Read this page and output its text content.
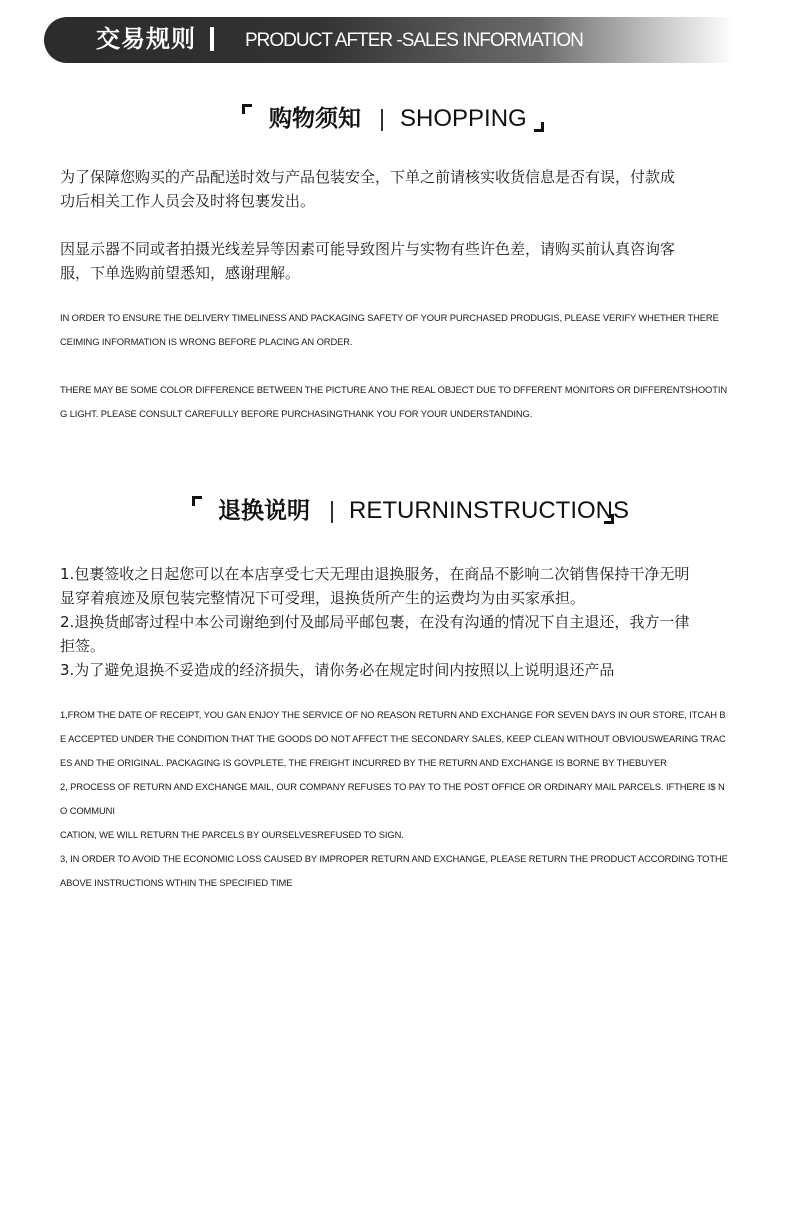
交易规则	PRODUCT AFTER -SALES INFORMATION
购物须知 SHOPPING
为了保障您购买的产品配送时效与产品包装安全，下单之前请核实收货信息是否有误，付款成
功后相关工作人员会及时将包裹发出。
因显示器不同或者拍摄光线差异等因素可能导致图片与实物有些许色差，请购买前认真咨询客
服，下单选购前望悉知，感谢理解。
IN ORDER TO ENSURE THE DELIVERY TIMELINESS AND PACKAGING SAFETY OF YOUR PURCHASED PRODUGIS, PLEASE VERIFY WHETHER THERE
CEIMING INFORMATION IS WRONG BEFORE PLACING AN ORDER.
THERE MAY BE SOME COLOR DIFFERENCE BETWEEN THE PICTURE ANO THE REAL OBJECT DUE TO DFFERENT MONITORS OR DIFFERENTSHOOTIN
G LIGHT. PLEASE CONSULT CAREFULLY BEFORE PURCHASINGTHANK YOU FOR YOUR UNDERSTANDING.
退换说明 RETURNINSTRUCTIONS
1.包裹签收之日起您可以在本店享受七天无理由退换服务，在商品不影响二次销售保持干净无明
显穿着痕迹及原包装完整情况下可受理，退换货所产生的运费均为由买家承担。
2.退换货邮寄过程中本公司谢绝到付及邮局平邮包裹，在没有沟通的情况下自主退还，我方一律
拒签。
3.为了避免退换不妥造成的经济损失，请你务必在规定时间内按照以上说明退还产品
1,FROM THE DATE OF RECEIPT, YOU GAN ENJOY THE SERVICE OF NO REASON RETURN AND EXCHANGE FOR SEVEN DAYS IN OUR STORE, ITCAH B
E ACCEPTED UNDER THE CONDITION THAT THE GOODS DO NOT AFFECT THE SECONDARY SALES, KEEP CLEAN WITHOUT OBVIOUSWEARING TRAC
ES AND THE ORIGINAL. PACKAGING IS GOVPLETE, THE FREIGHT INCURRED BY THE RETURN AND EXCHANGE IS BORNE BY THEBUYER
2, PROCESS OF RETURN AND EXCHANGE MAIL, OUR COMPANY REFUSES TO PAY TO THE POST OFFICE OR ORDINARY MAIL PARCELS. IFTHERE I$ N
O COMMUNI
CATION, WE WILL RETURN THE PARCELS BY OURSELVESREFUSED TO SIGN.
3, IN ORDER TO AVOID THE ECONOMIC LOSS CAUSED BY IMPROPER RETURN AND EXCHANGE, PLEASE RETURN THE PRODUCT ACCORDING TOTHE
ABOVE INSTRUCTIONS WTHIN THE SPECIFIED TIME
